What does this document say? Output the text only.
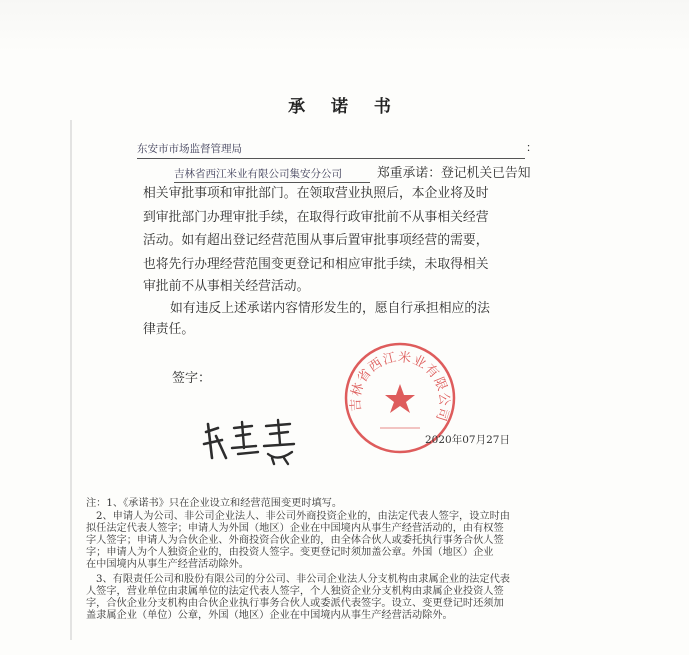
承 诺 书
东安市市场监督管理局	：
吉林省西江米业有限公司集安分公司	郑重承诺：登记机关已告知
相关审批事项和审批部门。在领取营业执照后，本企业将及时
到审批部门办理审批手续，在取得行政审批前不从事相关经营
活动。如有超出登记经营范围从事后置审批事项经营的需要，
也将先行办理经营范围变更登记和相应审批手续，未取得相关
审批前不从事相关经营活动。
如有违反上述承诺内容情形发生的，愿自行承担相应的法
律责任。
签字：
吉林省西江米业有限公司
2020年07月27日
注：1、《承诺书》只在企业设立和经营范围变更时填写。
2、申请人为公司、非公司企业法人、非公司外商投资企业的，由法定代表人签字，设立时由
拟任法定代表人签字；申请人为外国（地区）企业在中国境内从事生产经营活动的，由有权签
字人签字；申请人为合伙企业、外商投资合伙企业的，由全体合伙人或委托执行事务合伙人签
字；申请人为个人独资企业的，由投资人签字。变更登记时须加盖公章。外国（地区）企业
在中国境内从事生产经营活动除外。
3、有限责任公司和股份有限公司的分公司、非公司企业法人分支机构由隶属企业的法定代表
人签字，营业单位由隶属单位的法定代表人签字，个人独资企业分支机构由隶属企业投资人签
字，合伙企业分支机构由合伙企业执行事务合伙人或委派代表签字。设立、变更登记时还须加
盖隶属企业（单位）公章，外国（地区）企业在中国境内从事生产经营活动除外。
